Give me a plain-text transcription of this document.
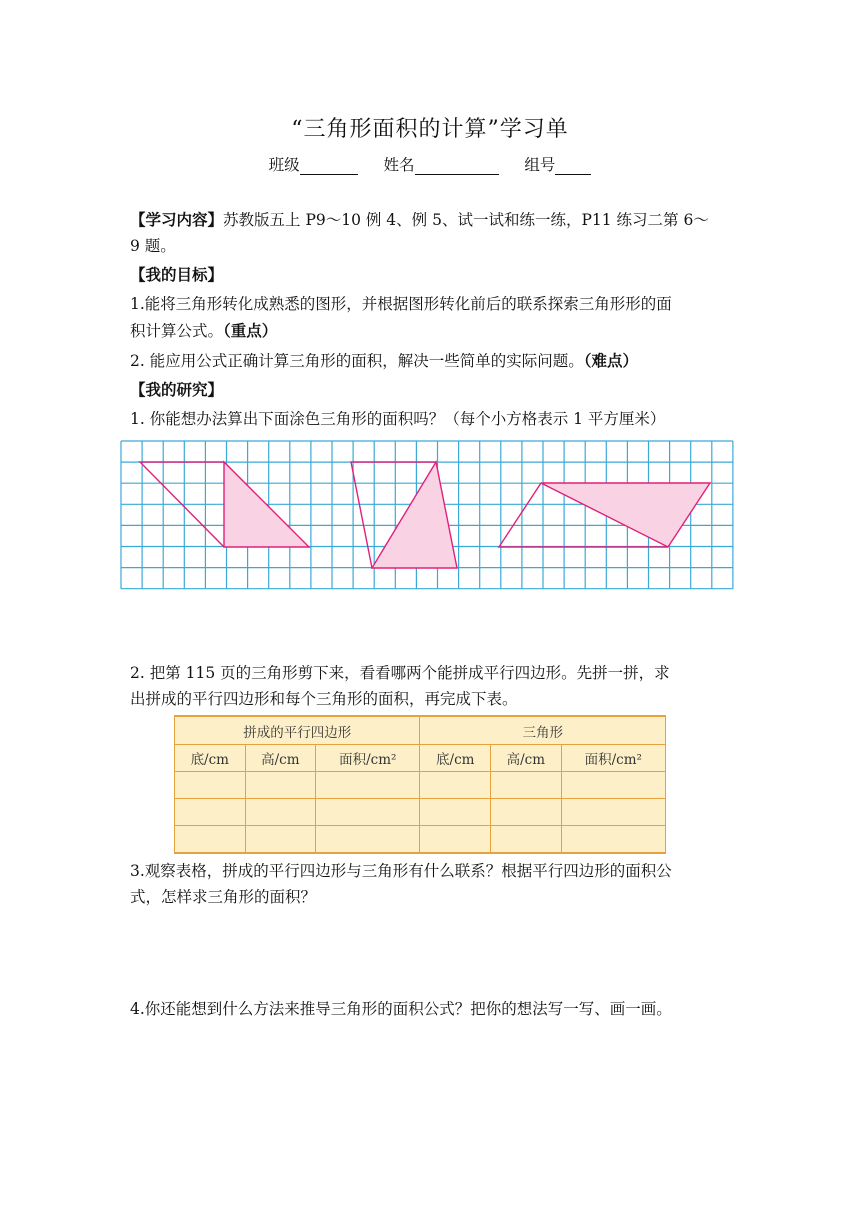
“三角形面积的计算”学习单
班级	姓名	组号
【学习内容】苏教版五上 P9～10 例 4、例 5、试一试和练一练，P11 练习二第 6～
9 题。
【我的目标】
1.能将三角形转化成熟悉的图形，并根据图形转化前后的联系探索三角形形的面
积计算公式。（重点）
2. 能应用公式正确计算三角形的面积，解决一些简单的实际问题。（难点）
【我的研究】
1. 你能想办法算出下面涂色三角形的面积吗？（每个小方格表示 1 平方厘米）
2. 把第 115 页的三角形剪下来，看看哪两个能拼成平行四边形。先拼一拼，求
出拼成的平行四边形和每个三角形的面积，再完成下表。
拼成的平行四边形			三角形		
底/cm	高/cm	面积/cm²	底/cm	高/cm	面积/cm²

3.观察表格，拼成的平行四边形与三角形有什么联系？根据平行四边形的面积公
式，怎样求三角形的面积？
4.你还能想到什么方法来推导三角形的面积公式？把你的想法写一写、画一画。
